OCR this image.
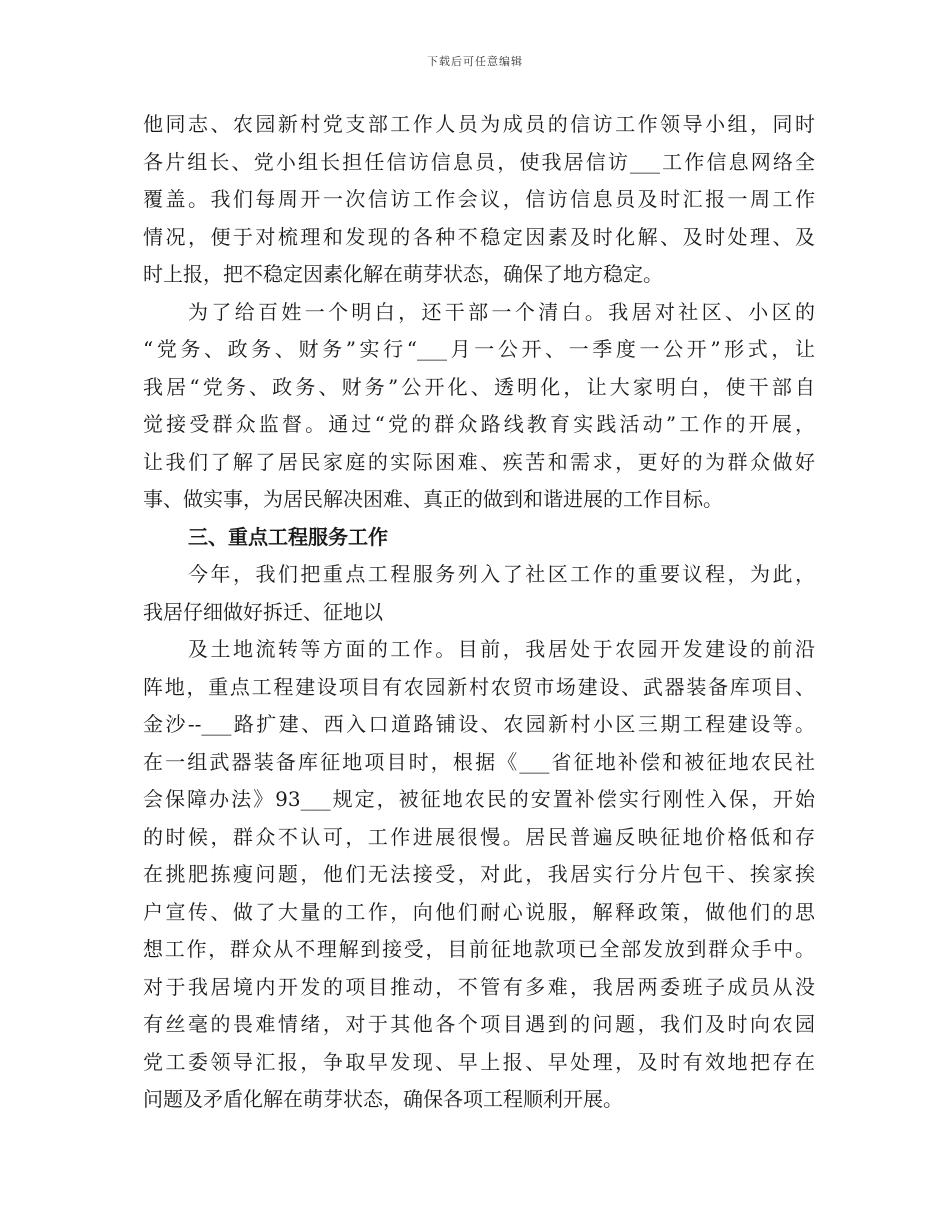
下载后可任意编辑
他同志、农园新村党支部工作人员为成员的信访工作领导小组，同时
各片组长、党小组长担任信访信息员，使我居信访___工作信息网络全
覆盖。我们每周开一次信访工作会议，信访信息员及时汇报一周工作
情况，便于对梳理和发现的各种不稳定因素及时化解、及时处理、及
时上报，把不稳定因素化解在萌芽状态，确保了地方稳定。
为了给百姓一个明白，还干部一个清白。我居对社区、小区的
“党务、政务、财务”实行“___月一公开、一季度一公开”形式，让
我居“党务、政务、财务”公开化、透明化，让大家明白，使干部自
觉接受群众监督。通过“党的群众路线教育实践活动”工作的开展，
让我们了解了居民家庭的实际困难、疾苦和需求，更好的为群众做好
事、做实事，为居民解决困难、真正的做到和谐进展的工作目标。
三、重点工程服务工作
今年，我们把重点工程服务列入了社区工作的重要议程，为此，
我居仔细做好拆迁、征地以
及土地流转等方面的工作。目前，我居处于农园开发建设的前沿
阵地，重点工程建设项目有农园新村农贸市场建设、武器装备库项目、
金沙--___路扩建、西入口道路铺设、农园新村小区三期工程建设等。
在一组武器装备库征地项目时，根据《___省征地补偿和被征地农民社
会保障办法》93___规定，被征地农民的安置补偿实行刚性入保，开始
的时候，群众不认可，工作进展很慢。居民普遍反映征地价格低和存
在挑肥拣瘦问题，他们无法接受，对此，我居实行分片包干、挨家挨
户宣传、做了大量的工作，向他们耐心说服，解释政策，做他们的思
想工作，群众从不理解到接受，目前征地款项已全部发放到群众手中。
对于我居境内开发的项目推动，不管有多难，我居两委班子成员从没
有丝毫的畏难情绪，对于其他各个项目遇到的问题，我们及时向农园
党工委领导汇报，争取早发现、早上报、早处理，及时有效地把存在
问题及矛盾化解在萌芽状态，确保各项工程顺利开展。
